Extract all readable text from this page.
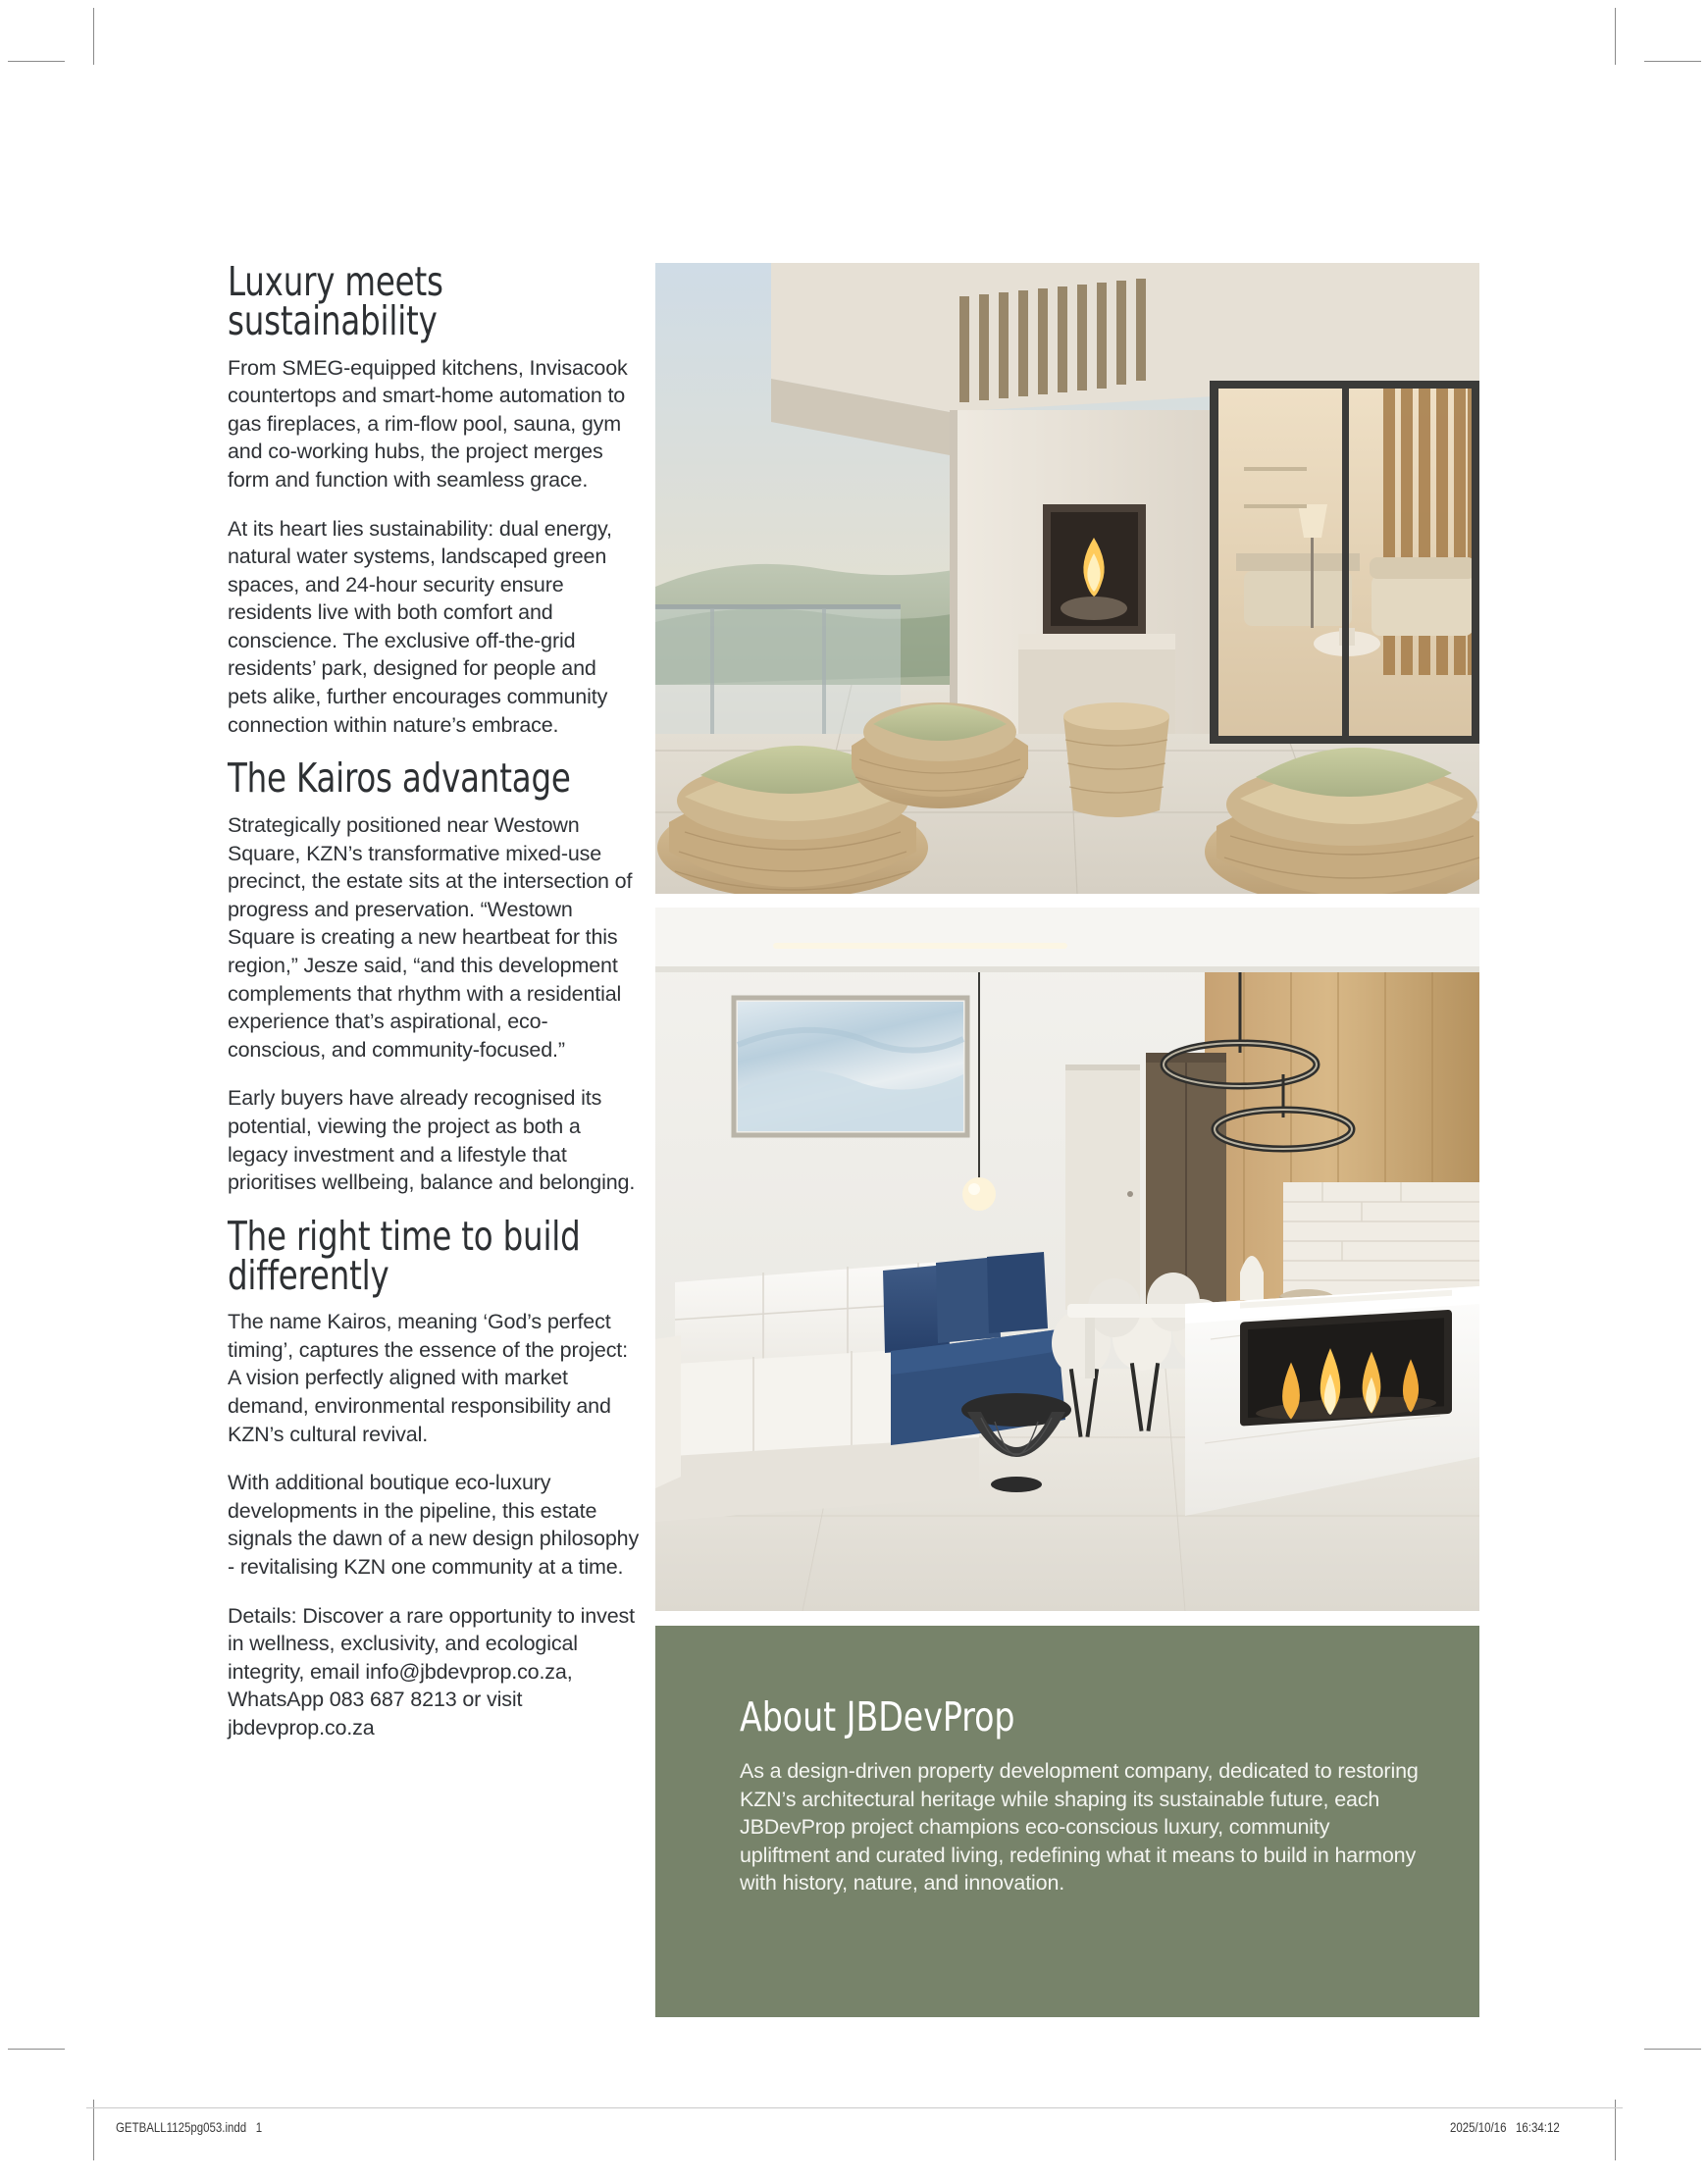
Luxury meets sustainability

From SMEG-equipped kitchens, Invisacook countertops and smart-home automation to gas fireplaces, a rim-flow pool, sauna, gym and co-working hubs, the project merges form and function with seamless grace.

At its heart lies sustainability: dual energy, natural water systems, landscaped green spaces, and 24-hour security ensure residents live with both comfort and conscience. The exclusive off-the-grid residents’ park, designed for people and pets alike, further encourages community connection within nature’s embrace.

The Kairos advantage

Strategically positioned near Westown Square, KZN’s transformative mixed-use precinct, the estate sits at the intersection of progress and preservation. “Westown Square is creating a new heartbeat for this region,” Jesze said, “and this development complements that rhythm with a residential experience that’s aspirational, eco-conscious, and community-focused.”

Early buyers have already recognised its potential, viewing the project as both a legacy investment and a lifestyle that prioritises wellbeing, balance and belonging.

The right time to build differently

The name Kairos, meaning ‘God’s perfect timing’, captures the essence of the project: A vision perfectly aligned with market demand, environmental responsibility and KZN’s cultural revival.

With additional boutique eco-luxury developments in the pipeline, this estate signals the dawn of a new design philosophy - revitalising KZN one community at a time.

Details: Discover a rare opportunity to invest in wellness, exclusivity, and ecological integrity, email info@jbdevprop.co.za, WhatsApp 083 687 8213 or visit jbdevprop.co.za	About JBDevProp

As a design-driven property development company, dedicated to restoring KZN’s architectural heritage while shaping its sustainable future, each JBDevProp project champions eco-conscious luxury, community upliftment and curated living, redefining what it means to build in harmony with history, nature, and innovation.

GETBALL1125pg053.indd   1	2025/10/16   16:34:12
